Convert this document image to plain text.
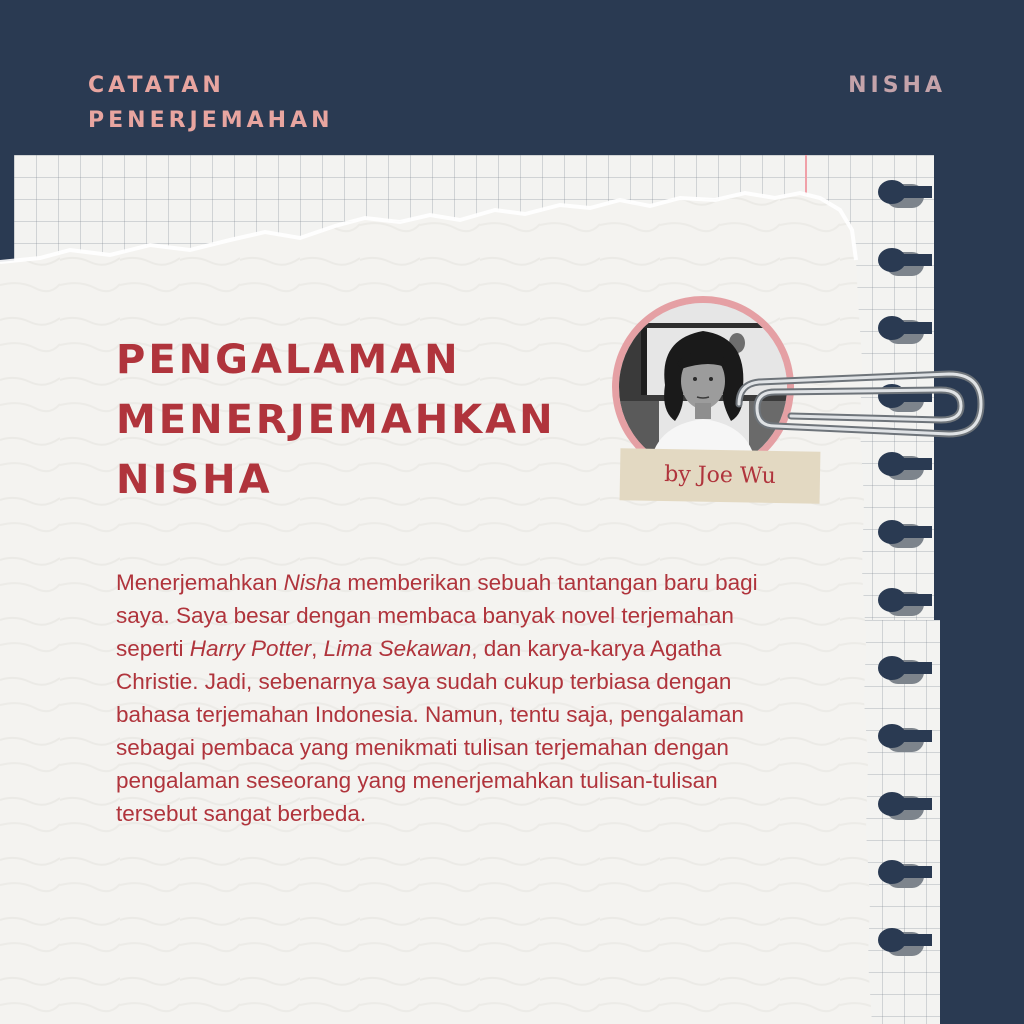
CATATAN
PENERJEMAHAN
NISHA
PENGALAMAN
MENERJEMAHKAN
NISHA	by Joe Wu

Menerjemahkan Nisha memberikan sebuah tantangan baru bagi saya. Saya besar dengan membaca banyak novel terjemahan seperti Harry Potter, Lima Sekawan, dan karya-karya Agatha Christie. Jadi, sebenarnya saya sudah cukup terbiasa dengan bahasa terjemahan Indonesia. Namun, tentu saja, pengalaman sebagai pembaca yang menikmati tulisan terjemahan dengan pengalaman seseorang yang menerjemahkan tulisan-tulisan tersebut sangat berbeda.
